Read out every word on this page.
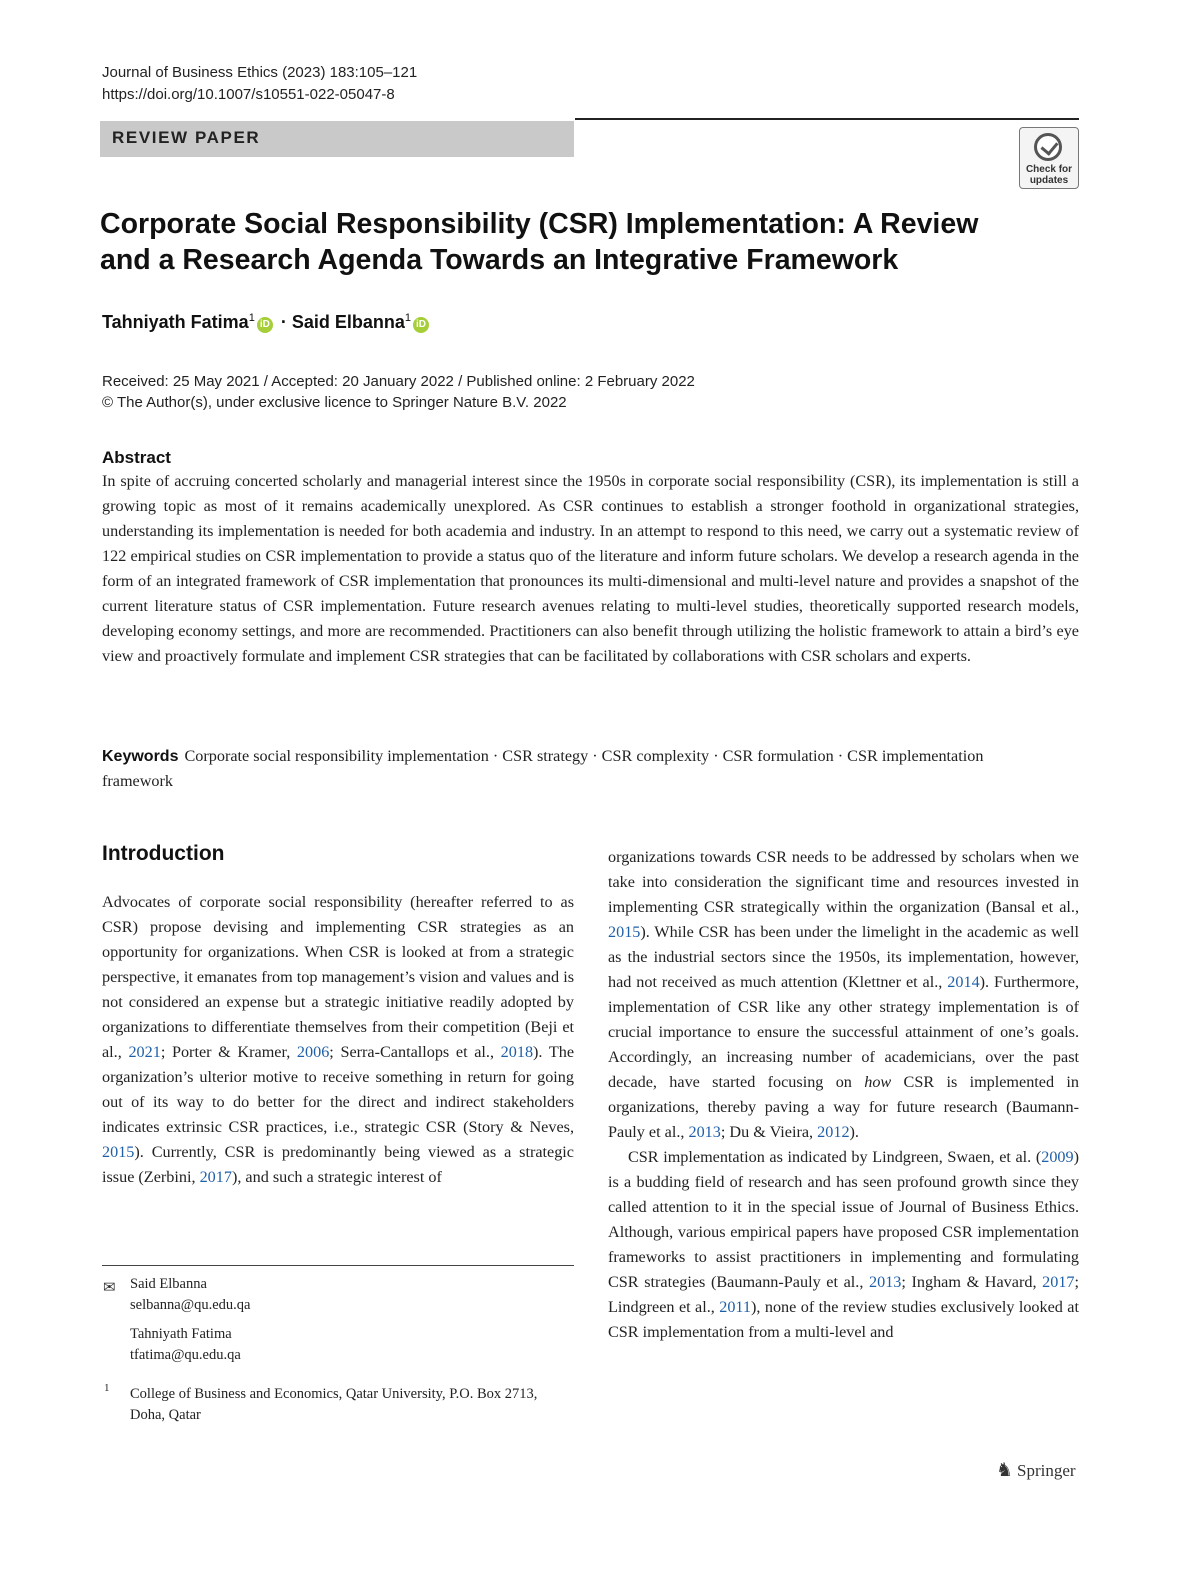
Journal of Business Ethics (2023) 183:105–121
https://doi.org/10.1007/s10551-022-05047-8
REVIEW PAPER
Check for updates
Corporate Social Responsibility (CSR) Implementation: A Review and a Research Agenda Towards an Integrative Framework
Tahniyath Fatima$^1$iD · Said Elbanna$^1$iD
Received: 25 May 2021 / Accepted: 20 January 2022 / Published online: 2 February 2022
© The Author(s), under exclusive licence to Springer Nature B.V. 2022
Abstract
In spite of accruing concerted scholarly and managerial interest since the 1950s in corporate social responsibility (CSR), its implementation is still a growing topic as most of it remains academically unexplored. As CSR continues to establish a stronger foothold in organizational strategies, understanding its implementation is needed for both academia and industry. In an attempt to respond to this need, we carry out a systematic review of 122 empirical studies on CSR implementation to provide a status quo of the literature and inform future scholars. We develop a research agenda in the form of an integrated framework of CSR implementation that pronounces its multi-dimensional and multi-level nature and provides a snapshot of the current literature status of CSR implementation. Future research avenues relating to multi-level studies, theoretically supported research models, developing economy settings, and more are recommended. Practitioners can also benefit through utilizing the holistic framework to attain a bird’s eye view and proactively formulate and implement CSR strategies that can be facilitated by collaborations with CSR scholars and experts.
Keywords Corporate social responsibility implementation · CSR strategy · CSR complexity · CSR formulation · CSR implementation framework
Introduction

Advocates of corporate social responsibility (hereafter referred to as CSR) propose devising and implementing CSR strategies as an opportunity for organizations. When CSR is looked at from a strategic perspective, it emanates from top management’s vision and values and is not considered an expense but a strategic initiative readily adopted by organizations to differentiate themselves from their competition (Beji et al., 2021; Porter & Kramer, 2006; Serra-Cantallops et al., 2018). The organization’s ulterior motive to receive something in return for going out of its way to do better for the direct and indirect stakeholders indicates extrinsic CSR practices, i.e., strategic CSR (Story & Neves, 2015). Currently, CSR is predominantly being viewed as a strategic issue (Zerbini, 2017), and such a strategic interest of

organizations towards CSR needs to be addressed by scholars when we take into consideration the significant time and resources invested in implementing CSR strategically within the organization (Bansal et al., 2015). While CSR has been under the limelight in the academic as well as the industrial sectors since the 1950s, its implementation, however, had not received as much attention (Klettner et al., 2014). Furthermore, implementation of CSR like any other strategy implementation is of crucial importance to ensure the successful attainment of one’s goals. Accordingly, an increasing number of academicians, over the past decade, have started focusing on how CSR is implemented in organizations, thereby paving a way for future research (Baumann-Pauly et al., 2013; Du & Vieira, 2012).

CSR implementation as indicated by Lindgreen, Swaen, et al. (2009) is a budding field of research and has seen profound growth since they called attention to it in the special issue of Journal of Business Ethics. Although, various empirical papers have proposed CSR implementation frameworks to assist practitioners in implementing and formulating CSR strategies (Baumann-Pauly et al., 2013; Ingham & Havard, 2017; Lindgreen et al., 2011), none of the review studies exclusively looked at CSR implementation from a multi-level and

✉ Said Elbanna
selbanna@qu.edu.qa
Tahniyath Fatima
tfatima@qu.edu.qa
1 College of Business and Economics, Qatar University, P.O. Box 2713, Doha, Qatar
♞ Springer
